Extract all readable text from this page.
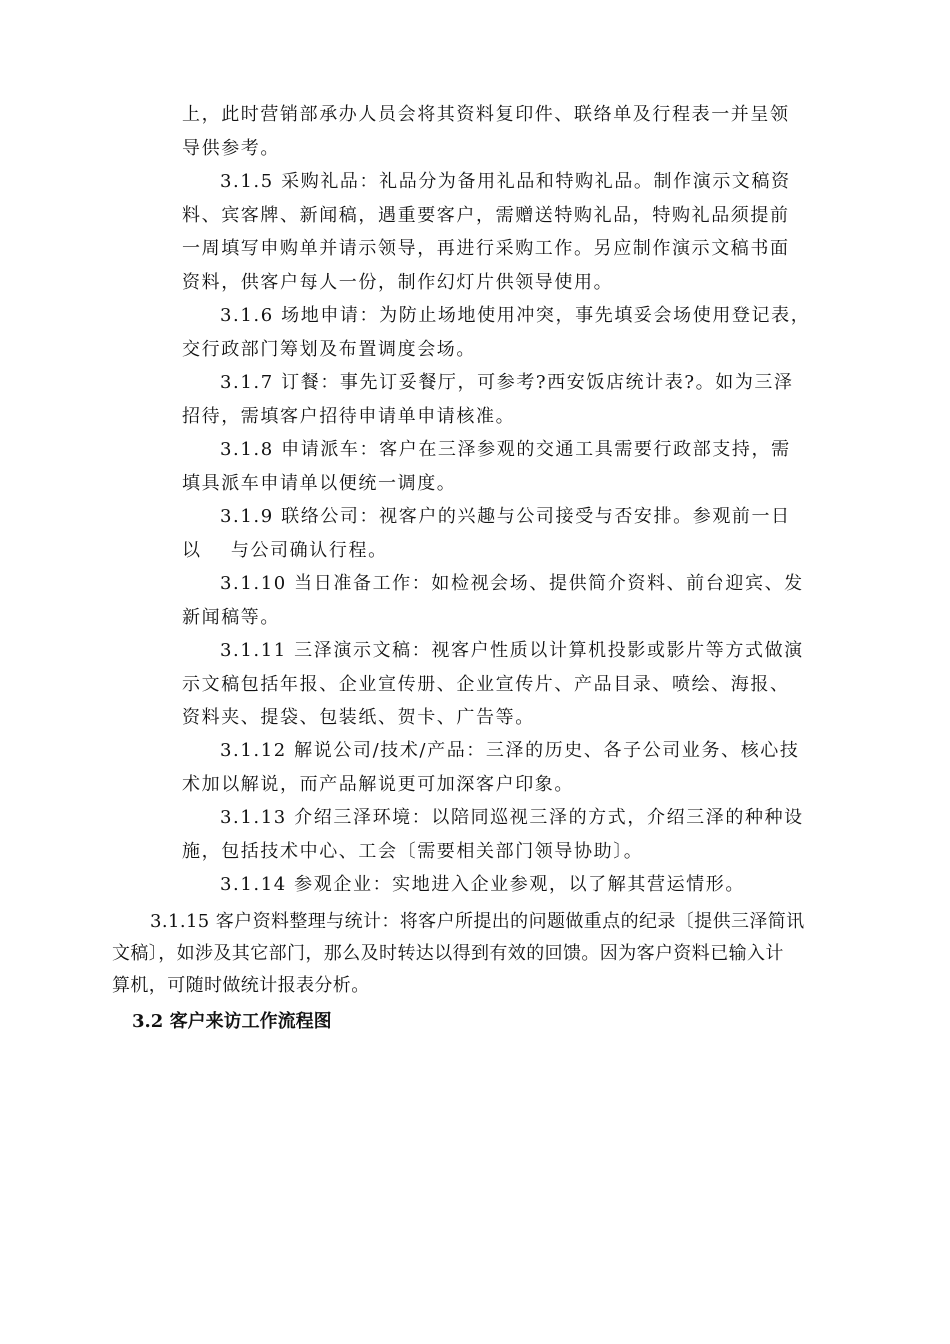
上，此时营销部承办人员会将其资料复印件、联络单及行程表一并呈领
导供参考。

3.1.5 采购礼品：礼品分为备用礼品和特购礼品。制作演示文稿资
料、宾客牌、新闻稿，遇重要客户，需赠送特购礼品，特购礼品须提前
一周填写申购单并请示领导，再进行采购工作。另应制作演示文稿书面
资料，供客户每人一份，制作幻灯片供领导使用。

3.1.6 场地申请：为防止场地使用冲突，事先填妥会场使用登记表，
交行政部门筹划及布置调度会场。

3.1.7 订餐：事先订妥餐厅，可参考?西安饭店统计表?。如为三泽
招待，需填客户招待申请单申请核准。

3.1.8 申请派车：客户在三泽参观的交通工具需要行政部支持，需
填具派车申请单以便统一调度。

3.1.9 联络公司：视客户的兴趣与公司接受与否安排。参观前一日
以    与公司确认行程。

3.1.10 当日准备工作：如检视会场、提供简介资料、前台迎宾、发
新闻稿等。

3.1.11 三泽演示文稿：视客户性质以计算机投影或影片等方式做演
示文稿包括年报、企业宣传册、企业宣传片、产品目录、喷绘、海报、
资料夹、提袋、包装纸、贺卡、广告等。

3.1.12 解说公司/技术/产品：三泽的历史、各子公司业务、核心技
术加以解说，而产品解说更可加深客户印象。

3.1.13 介绍三泽环境：以陪同巡视三泽的方式，介绍三泽的种种设
施，包括技术中心、工会〔需要相关部门领导协助〕。

3.1.14 参观企业：实地进入企业参观，以了解其营运情形。

3.1.15 客户资料整理与统计：将客户所提出的问题做重点的纪录〔提供三泽简讯
文稿〕，如涉及其它部门，那么及时转达以得到有效的回馈。因为客户资料已输入计
算机，可随时做统计报表分析。

3.2 客户来访工作流程图
